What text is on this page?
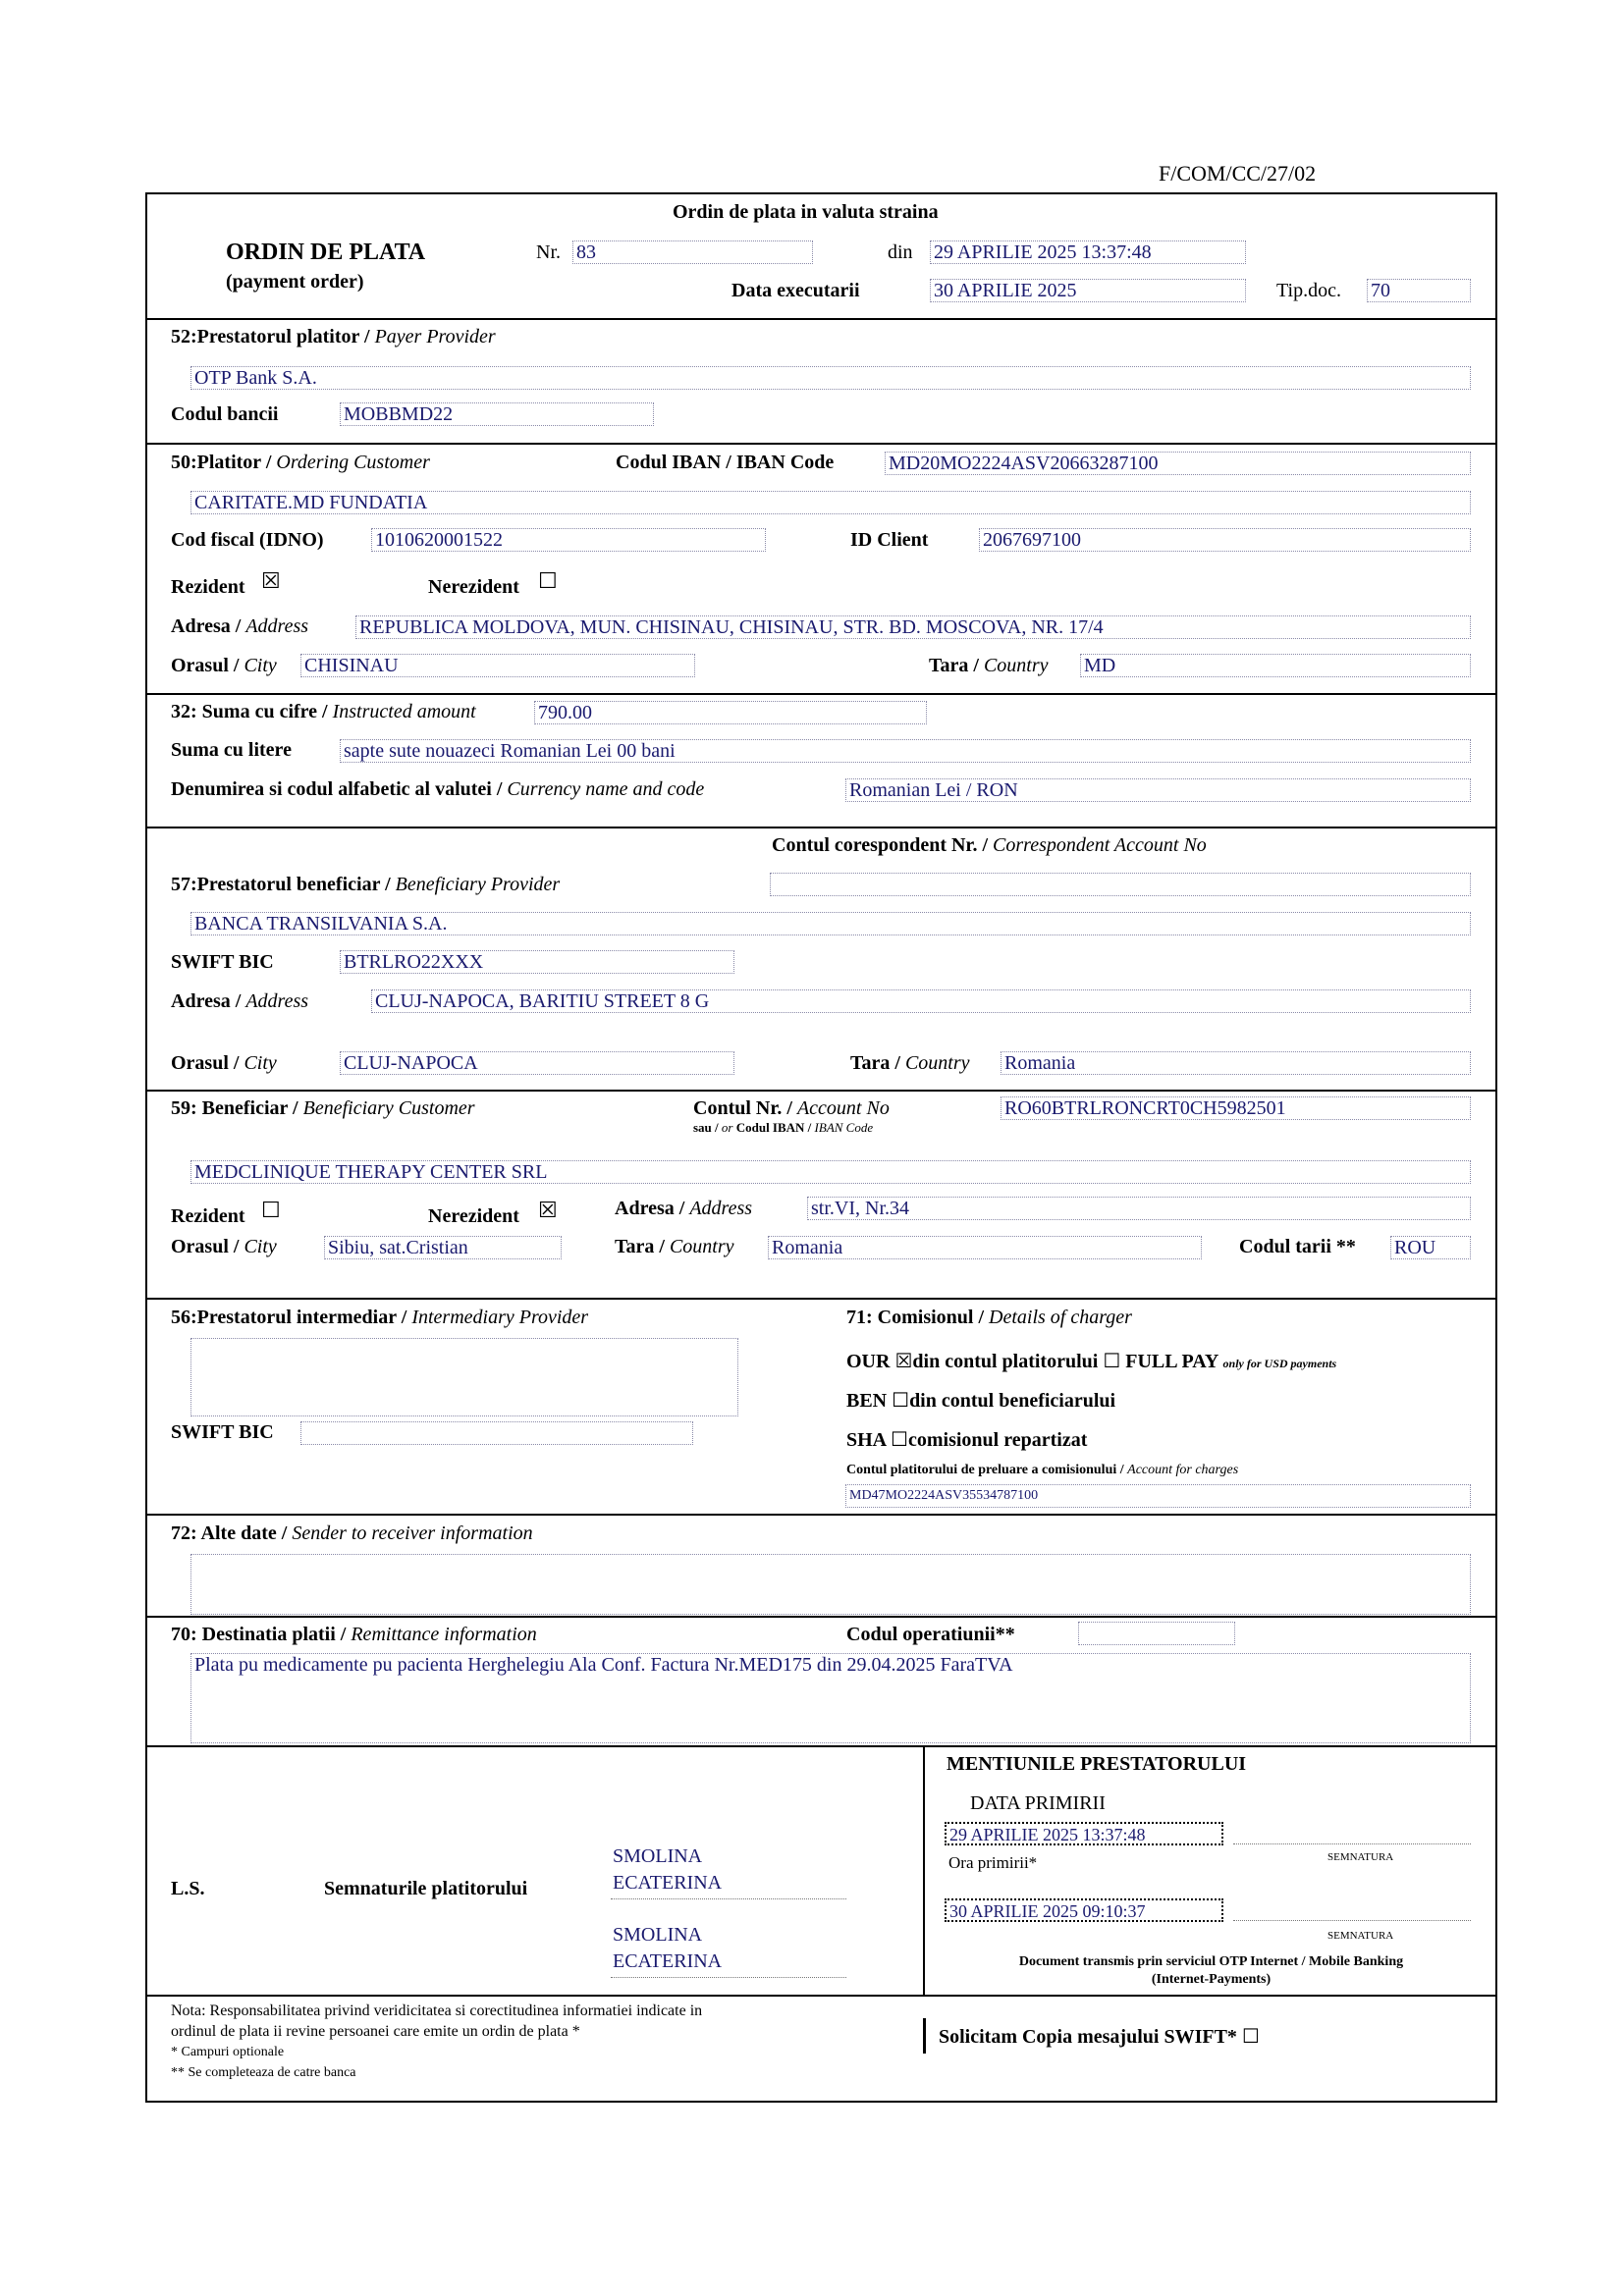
F/COM/CC/27/02
Ordin de plata in valuta straina
ORDIN DE PLATA
(payment order)
Nr. 83	din 29 APRILIE 2025 13:37:48
Data executarii	30 APRILIE 2025	Tip.doc. 70
52:Prestatorul platitor / Payer Provider
OTP Bank S.A.
Codul bancii	MOBBMD22
50:Platitor / Ordering Customer	Codul IBAN / IBAN Code	MD20MO2224ASV20663287100
CARITATE.MD FUNDATIA
Cod fiscal (IDNO)	1010620001522	ID Client	2067697100
Rezident ☒	Nerezident ☐
Adresa / Address	REPUBLICA MOLDOVA, MUN. CHISINAU, CHISINAU, STR. BD. MOSCOVA, NR. 17/4
Orasul / City CHISINAU	Tara / Country MD
32: Suma cu cifre / Instructed amount	790.00
Suma cu litere	sapte sute nouazeci Romanian Lei 00 bani
Denumirea si codul alfabetic al valutei / Currency name and code	Romanian Lei / RON
Contul corespondent Nr. / Correspondent Account No
57:Prestatorul beneficiar / Beneficiary Provider
BANCA TRANSILVANIA S.A.
SWIFT BIC	BTRLRO22XXX
Adresa / Address	CLUJ-NAPOCA, BARITIU STREET 8 G
Orasul / City	CLUJ-NAPOCA	Tara / Country Romania
59: Beneficiar / Beneficiary Customer	Contul Nr. / Account No
sau / or Codul IBAN / IBAN Code
RO60BTRLRONCRT0CH5982501
MEDCLINIQUE THERAPY CENTER SRL
Rezident ☐	Nerezident ☒	Adresa / Address	str.VI, Nr.34
Orasul / City	Sibiu, sat.Cristian	Tara / Country Romania	Codul tarii ** ROU
56:Prestatorul intermediar / Intermediary Provider
SWIFT BIC
71: Comisionul / Details of charger
OUR ☒din contul platitorului ☐ FULL PAY only for USD payments
BEN ☐din contul beneficiarului
SHA ☐comisionul repartizat
Contul platitorului de preluare a comisionului / Account for charges
MD47MO2224ASV35534787100
72: Alte date / Sender to receiver information
70: Destinatia platii / Remittance information	Codul operatiunii**
Plata pu medicamente pu pacienta Herghelegiu Ala Conf. Factura Nr.MED175 din 29.04.2025 FaraTVA
L.S.	Semnaturile platitorului
SMOLINA
ECATERINA
SMOLINA
ECATERINA
MENTIUNILE PRESTATORULUI
DATA PRIMIRII
29 APRILIE 2025 13:37:48
SEMNATURA
Ora primirii*
30 APRILIE 2025 09:10:37
SEMNATURA
Document transmis prin serviciul OTP Internet / Mobile Banking
(Internet-Payments)
Nota: Responsabilitatea privind veridicitatea si corectitudinea informatiei indicate in
ordinul de plata ii revine persoanei care emite un ordin de plata *
* Campuri optionale
** Se completeaza de catre banca
Solicitam Copia mesajului SWIFT* ☐
